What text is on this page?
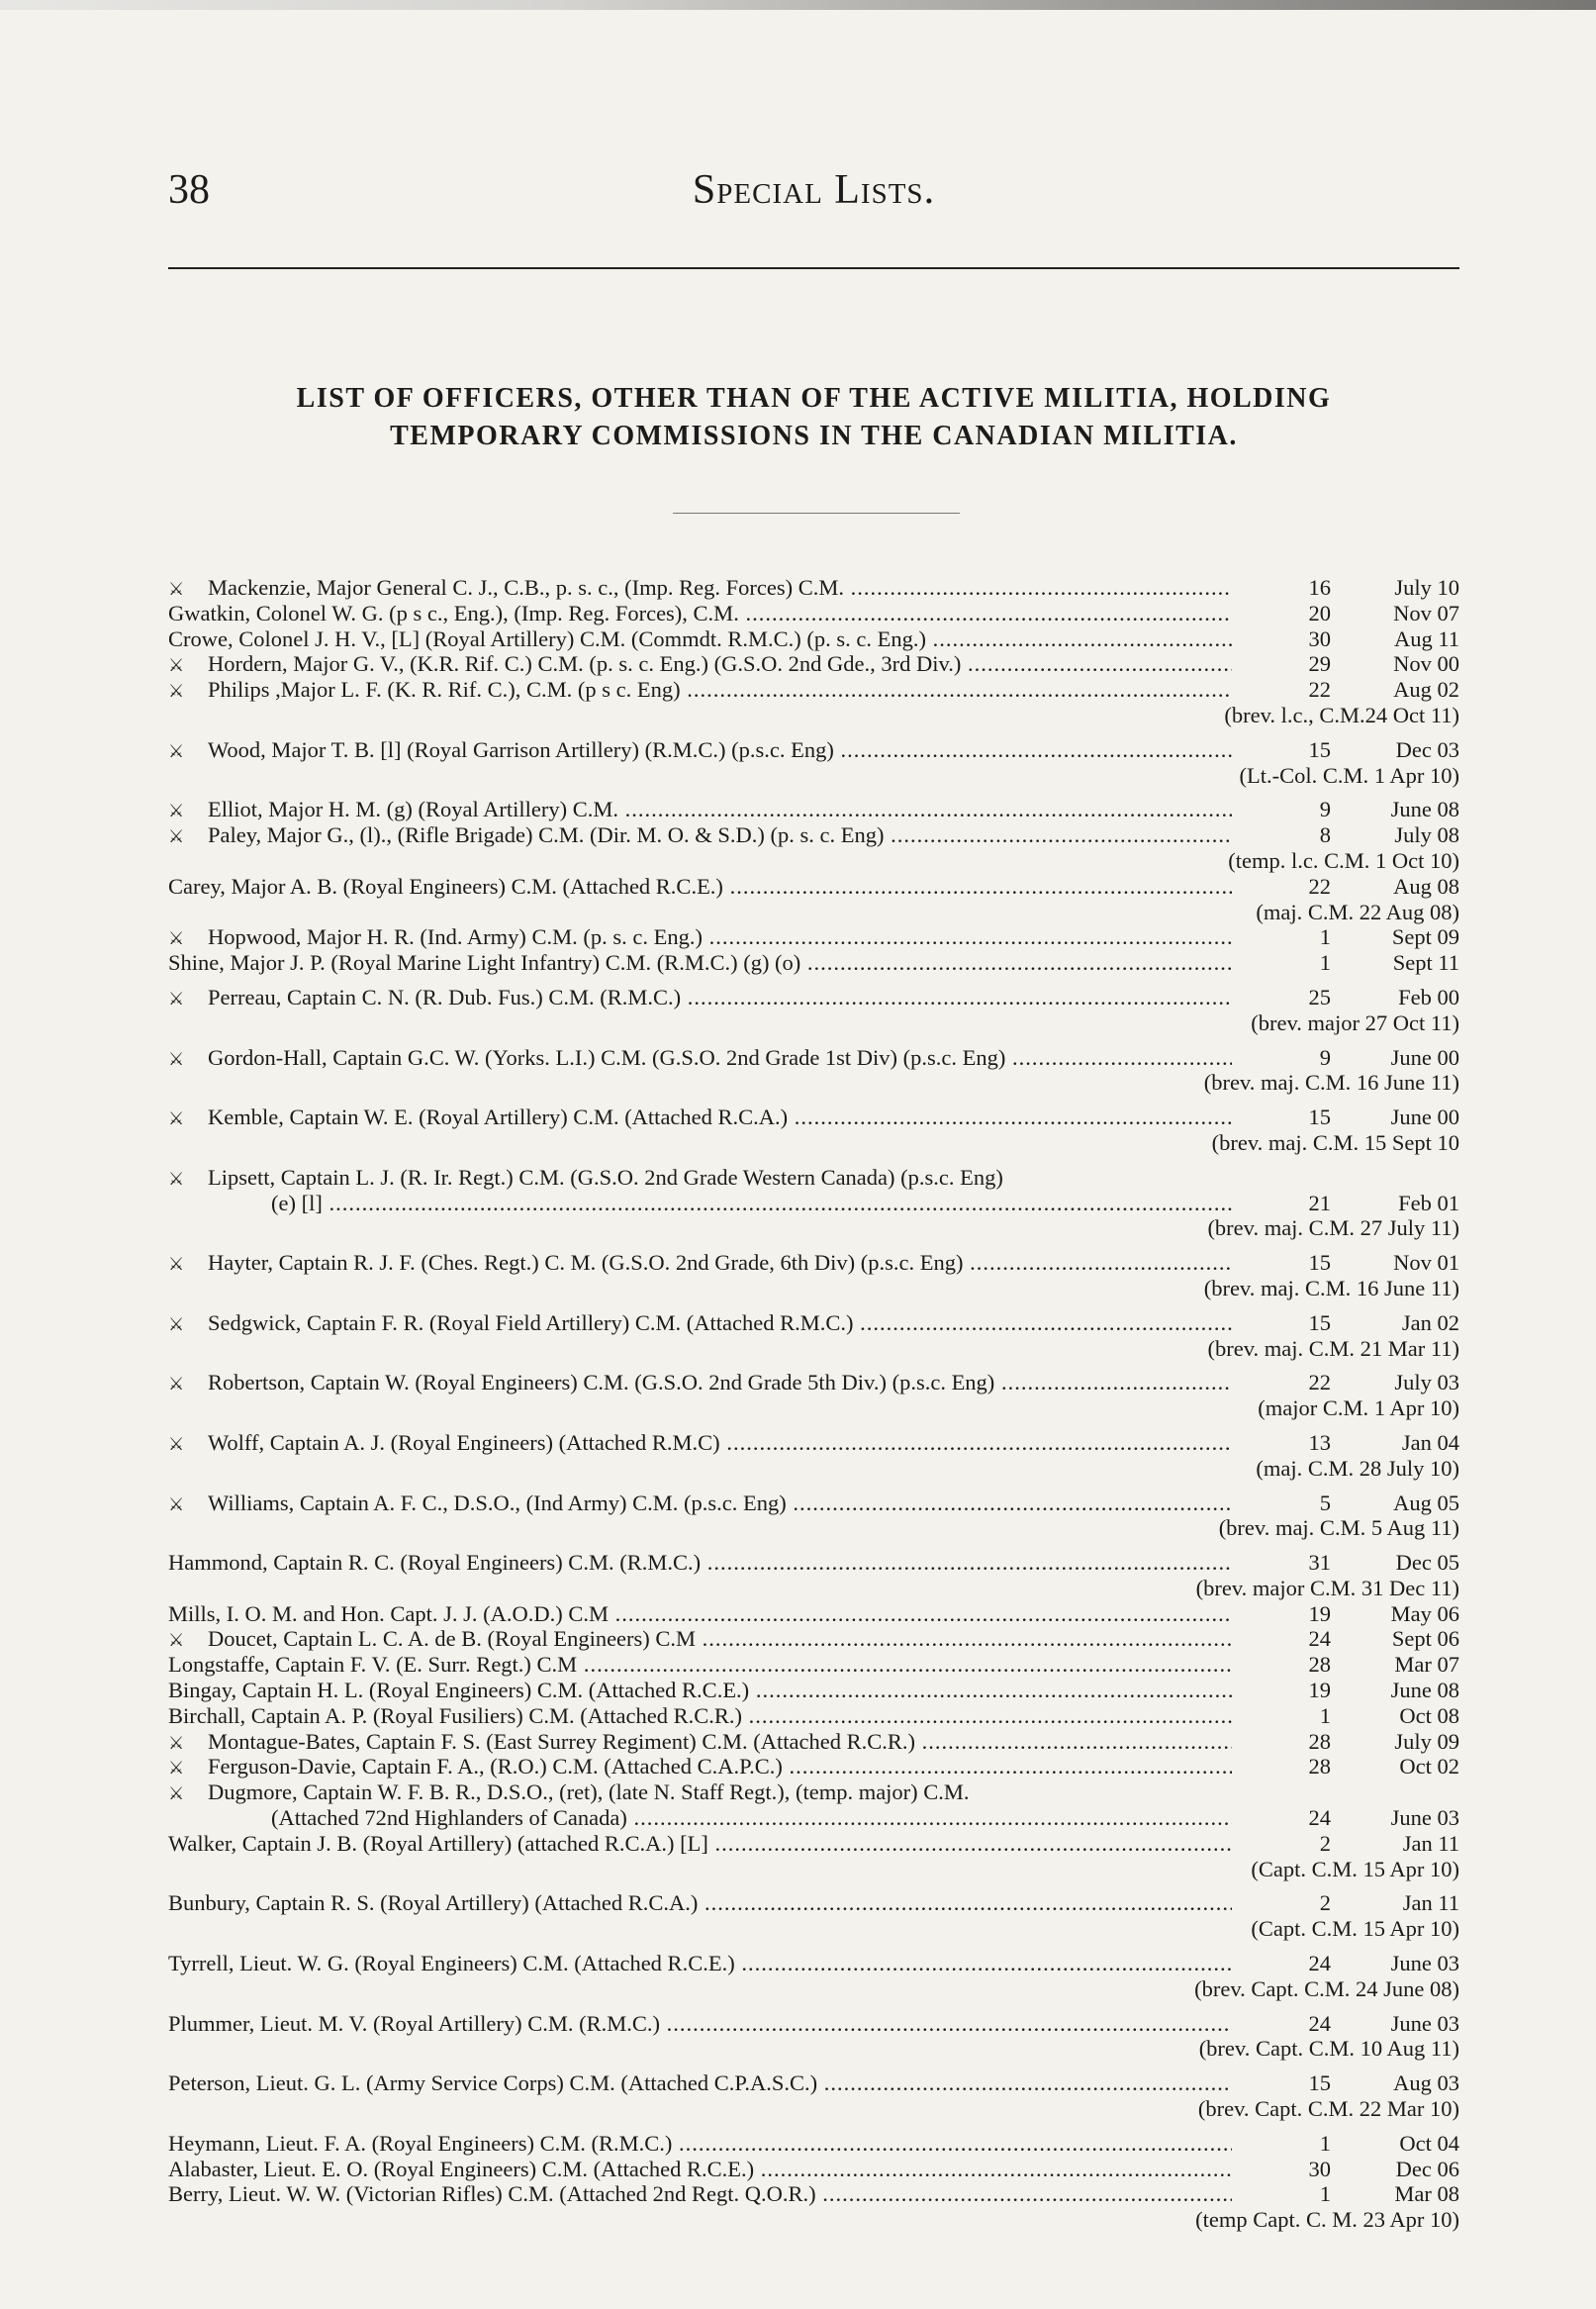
38	Special Lists.
LIST OF OFFICERS, OTHER THAN OF THE ACTIVE MILITIA, HOLDING
TEMPORARY COMMISSIONS IN THE CANADIAN MILITIA.
⚔ Mackenzie, Major General C. J., C.B., p. s. c., (Imp. Reg. Forces) C.M. .....	16	July 10
Gwatkin, Colonel W. G. (p s c., Eng.), (Imp. Reg. Forces), C.M. .....	20	Nov 07
Crowe, Colonel J. H. V., [L] (Royal Artillery) C.M. (Commdt. R.M.C.) (p. s. c. Eng.) .....	30	Aug 11
⚔ Hordern, Major G. V., (K.R. Rif. C.) C.M. (p. s. c. Eng.) (G.S.O. 2nd Gde., 3rd Div.) .....	29	Nov 00
⚔ Philips ,Major L. F. (K. R. Rif. C.), C.M. (p s c. Eng) .....	22	Aug 02
(brev. l.c., C.M.24 Oct 11)
⚔ Wood, Major T. B. [l] (Royal Garrison Artillery) (R.M.C.) (p.s.c. Eng) .....	15	Dec 03
(Lt.-Col. C.M. 1 Apr 10)
⚔ Elliot, Major H. M. (g) (Royal Artillery) C.M. .....	9	June 08
⚔ Paley, Major G., (l)., (Rifle Brigade) C.M. (Dir. M. O. & S.D.) (p. s. c. Eng) .....	8	July 08
(temp. l.c. C.M. 1 Oct 10)
Carey, Major A. B. (Royal Engineers) C.M. (Attached R.C.E.) .....	22	Aug 08
(maj. C.M. 22 Aug 08)
⚔ Hopwood, Major H. R. (Ind. Army) C.M. (p. s. c. Eng.) .....	1	Sept 09
Shine, Major J. P. (Royal Marine Light Infantry) C.M. (R.M.C.) (g) (o) .....	1	Sept 11
⚔ Perreau, Captain C. N. (R. Dub. Fus.) C.M. (R.M.C.) .....	25	Feb 00
(brev. major 27 Oct 11)
⚔ Gordon-Hall, Captain G.C. W. (Yorks. L.I.) C.M. (G.S.O. 2nd Grade 1st Div) (p.s.c. Eng) .....	9	June 00
(brev. maj. C.M. 16 June 11)
⚔ Kemble, Captain W. E. (Royal Artillery) C.M. (Attached R.C.A.) .....	15	June 00
(brev. maj. C.M. 15 Sept 10
⚔ Lipsett, Captain L. J. (R. Ir. Regt.) C.M. (G.S.O. 2nd Grade Western Canada) (p.s.c. Eng)
(e) [l] .....	21	Feb 01
(brev. maj. C.M. 27 July 11)
⚔ Hayter, Captain R. J. F. (Ches. Regt.) C. M. (G.S.O. 2nd Grade, 6th Div) (p.s.c. Eng) .....	15	Nov 01
(brev. maj. C.M. 16 June 11)
⚔ Sedgwick, Captain F. R. (Royal Field Artillery) C.M. (Attached R.M.C.) .....	15	Jan 02
(brev. maj. C.M. 21 Mar 11)
⚔ Robertson, Captain W. (Royal Engineers) C.M. (G.S.O. 2nd Grade 5th Div.) (p.s.c. Eng) .....	22	July 03
(major C.M. 1 Apr 10)
⚔ Wolff, Captain A. J. (Royal Engineers) (Attached R.M.C) .....	13	Jan 04
(maj. C.M. 28 July 10)
⚔ Williams, Captain A. F. C., D.S.O., (Ind Army) C.M. (p.s.c. Eng) .....	5	Aug 05
(brev. maj. C.M. 5 Aug 11)
Hammond, Captain R. C. (Royal Engineers) C.M. (R.M.C.) .....	31	Dec 05
(brev. major C.M. 31 Dec 11)
Mills, I. O. M. and Hon. Capt. J. J. (A.O.D.) C.M .....	19	May 06
⚔ Doucet, Captain L. C. A. de B. (Royal Engineers) C.M .....	24	Sept 06
Longstaffe, Captain F. V. (E. Surr. Regt.) C.M .....	28	Mar 07
Bingay, Captain H. L. (Royal Engineers) C.M. (Attached R.C.E.) .....	19	June 08
Birchall, Captain A. P. (Royal Fusiliers) C.M. (Attached R.C.R.) .....	1	Oct 08
⚔ Montague-Bates, Captain F. S. (East Surrey Regiment) C.M. (Attached R.C.R.) .....	28	July 09
⚔ Ferguson-Davie, Captain F. A., (R.O.) C.M. (Attached C.A.P.C.) .....	28	Oct 02
⚔ Dugmore, Captain W. F. B. R., D.S.O., (ret), (late N. Staff Regt.), (temp. major) C.M.
(Attached 72nd Highlanders of Canada) .....	24	June 03
Walker, Captain J. B. (Royal Artillery) (attached R.C.A.) [L] .....	2	Jan 11
(Capt. C.M. 15 Apr 10)
Bunbury, Captain R. S. (Royal Artillery) (Attached R.C.A.) .....	2	Jan 11
(Capt. C.M. 15 Apr 10)
Tyrrell, Lieut. W. G. (Royal Engineers) C.M. (Attached R.C.E.) .....	24	June 03
(brev. Capt. C.M. 24 June 08)
Plummer, Lieut. M. V. (Royal Artillery) C.M. (R.M.C.) .....	24	June 03
(brev. Capt. C.M. 10 Aug 11)
Peterson, Lieut. G. L. (Army Service Corps) C.M. (Attached C.P.A.S.C.) .....	15	Aug 03
(brev. Capt. C.M. 22 Mar 10)
Heymann, Lieut. F. A. (Royal Engineers) C.M. (R.M.C.) .....	1	Oct 04
Alabaster, Lieut. E. O. (Royal Engineers) C.M. (Attached R.C.E.) .....	30	Dec 06
Berry, Lieut. W. W. (Victorian Rifles) C.M. (Attached 2nd Regt. Q.O.R.) .....	1	Mar 08
(temp Capt. C. M. 23 Apr 10)
